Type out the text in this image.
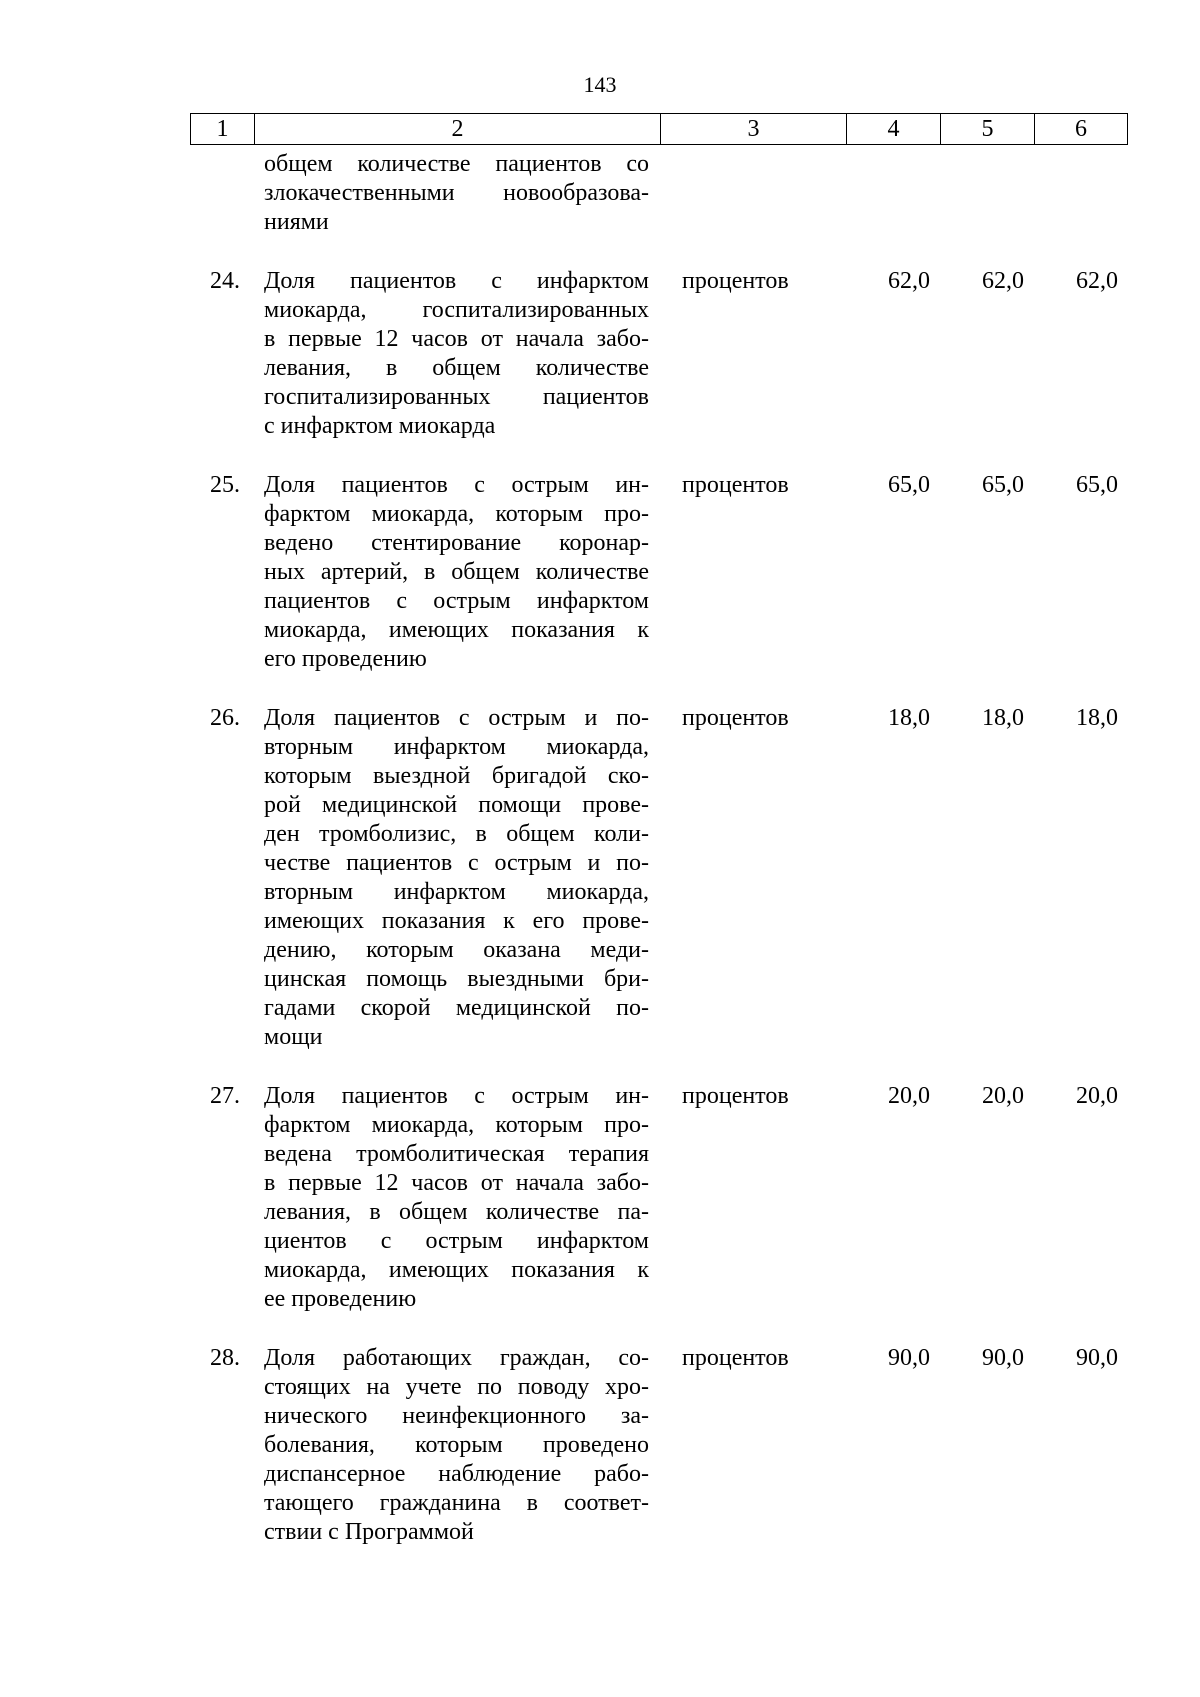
143
1	2	3	4	5	6
общем количестве пациентов со
злокачественными новообразова-
ниями
24.	Доля пациентов с инфарктом
миокарда, госпитализированных
в первые 12 часов от начала забо-
левания, в общем количестве
госпитализированных пациентов
с инфарктом миокарда
процентов	62,0	62,0	62,0
25.	Доля пациентов с острым ин-
фарктом миокарда, которым про-
ведено стентирование коронар-
ных артерий, в общем количестве
пациентов с острым инфарктом
миокарда, имеющих показания к
его проведению
процентов	65,0	65,0	65,0
26.	Доля пациентов с острым и по-
вторным инфарктом миокарда,
которым выездной бригадой ско-
рой медицинской помощи прове-
ден тромболизис, в общем коли-
честве пациентов с острым и по-
вторным инфарктом миокарда,
имеющих показания к его прове-
дению, которым оказана меди-
цинская помощь выездными бри-
гадами скорой медицинской по-
мощи
процентов	18,0	18,0	18,0
27.	Доля пациентов с острым ин-
фарктом миокарда, которым про-
ведена тромболитическая терапия
в первые 12 часов от начала забо-
левания, в общем количестве па-
циентов с острым инфарктом
миокарда, имеющих показания к
ее проведению
процентов	20,0	20,0	20,0
28.	Доля работающих граждан, со-
стоящих на учете по поводу хро-
нического неинфекционного за-
болевания, которым проведено
диспансерное наблюдение рабо-
тающего гражданина в соответ-
ствии с Программой
процентов	90,0	90,0	90,0
